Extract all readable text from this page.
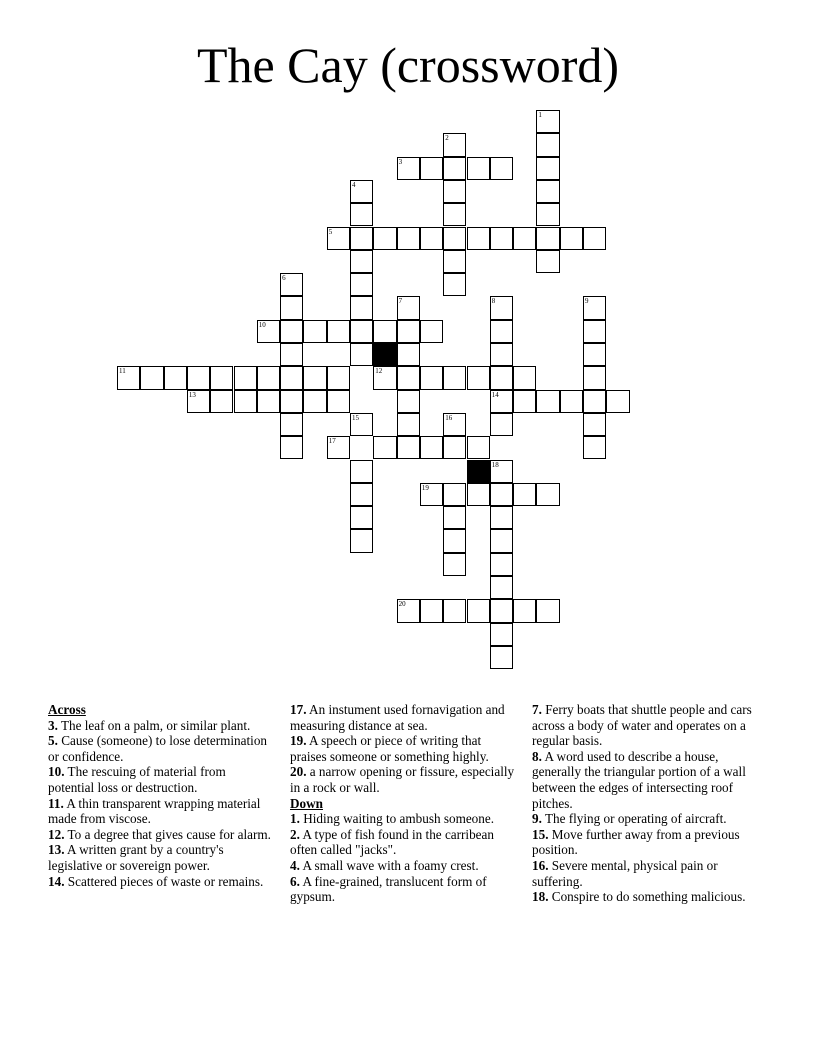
The Cay (crossword)
1
2
3
4
5
6
7	8	9
10
11	12
13	14
15	16
17
18
19
20
Across
3. The leaf on a palm, or similar plant.
5. Cause (someone) to lose determination or confidence.
10. The rescuing of material from potential loss or destruction.
11. A thin transparent wrapping material made from viscose.
12. To a degree that gives cause for alarm.
13. A written grant by a country's legislative or sovereign power.
14. Scattered pieces of waste or remains.
17. An instument used fornavigation and measuring distance at sea.
19. A speech or piece of writing that praises someone or something highly.
20. a narrow opening or fissure, especially in a rock or wall.
Down
1. Hiding waiting to ambush someone.
2. A type of fish found in the carribean often called "jacks".
4. A small wave with a foamy crest.
6. A fine-grained, translucent form of gypsum.
7. Ferry boats that shuttle people and cars across a body of water and operates on a regular basis.
8. A word used to describe a house, generally the triangular portion of a wall between the edges of intersecting roof pitches.
9. The flying or operating of aircraft.
15. Move further away from a previous position.
16. Severe mental, physical pain or suffering.
18. Conspire to do something malicious.
